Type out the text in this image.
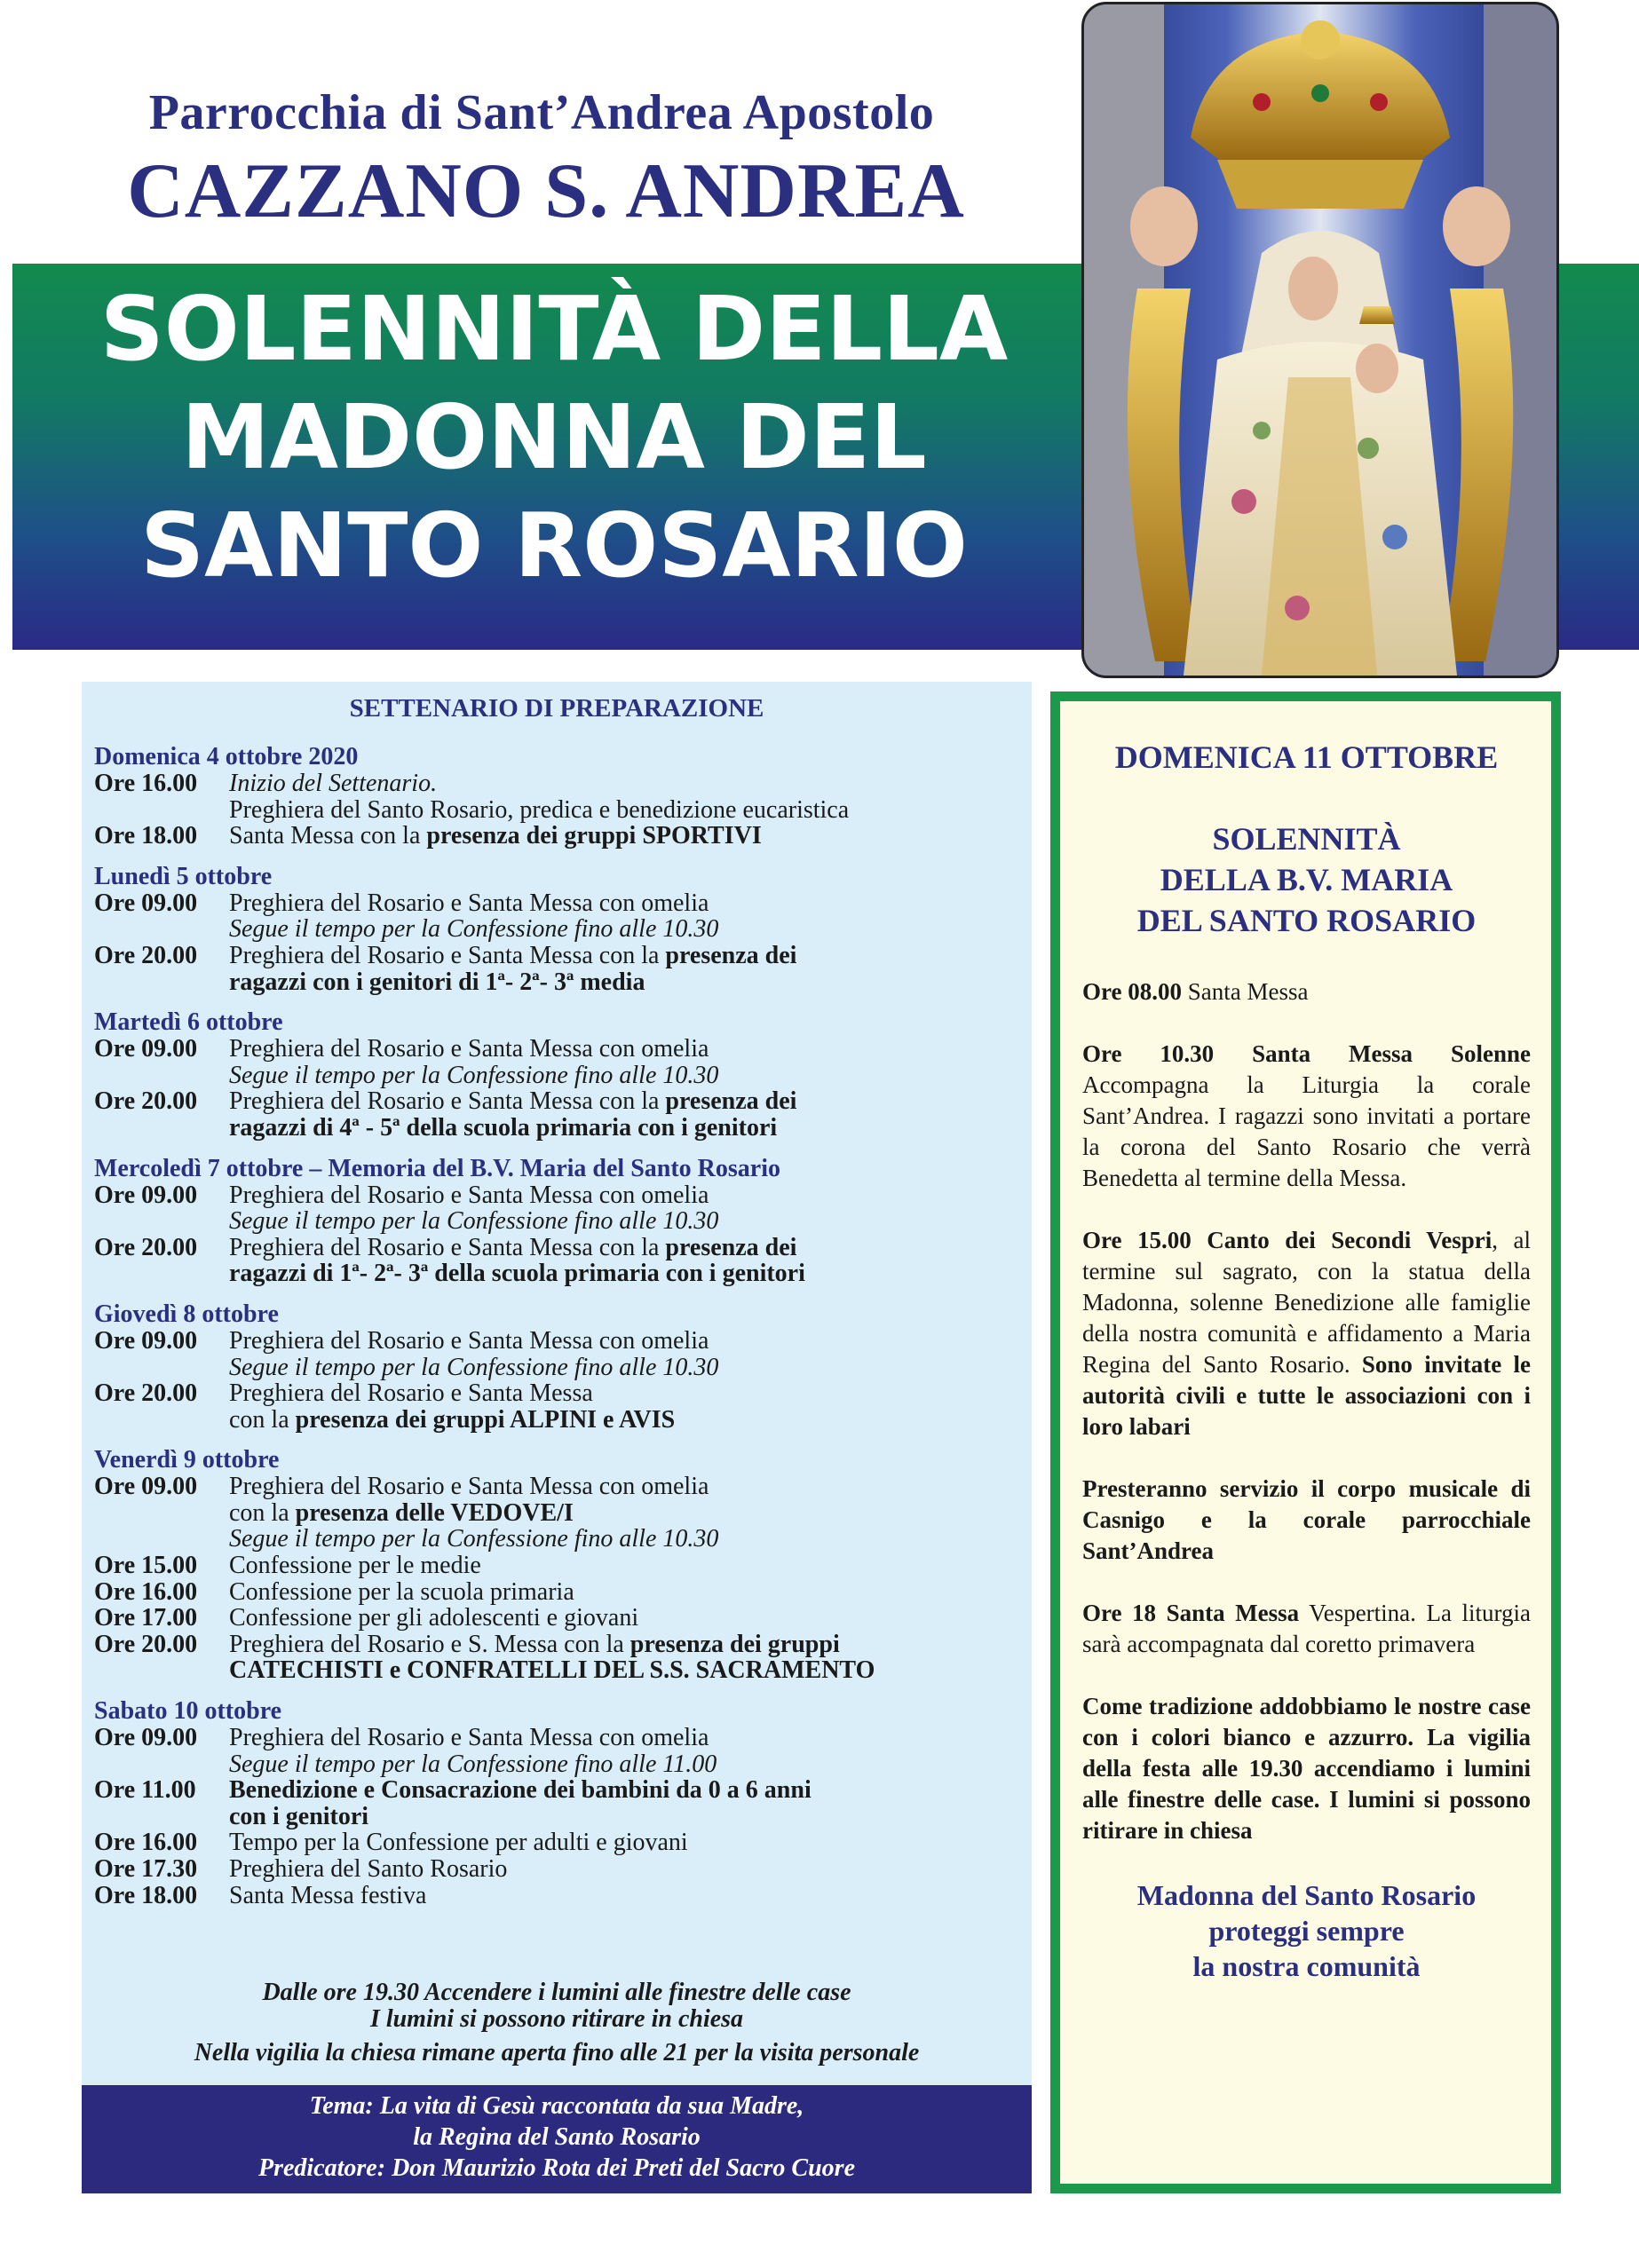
Parrocchia di Sant’Andrea Apostolo
CAZZANO S. ANDREA
SOLENNITÀ DELLA
MADONNA DEL
SANTO ROSARIO
SETTENARIO DI PREPARAZIONE
Domenica 4 ottobre 2020
Ore 16.00	Inizio del Settenario.
Preghiera del Santo Rosario, predica e benedizione eucaristica
Ore 18.00	Santa Messa con la presenza dei gruppi SPORTIVI
Lunedì 5 ottobre
Ore 09.00	Preghiera del Rosario e Santa Messa con omelia
Segue il tempo per la Confessione fino alle 10.30
Ore 20.00	Preghiera del Rosario e Santa Messa con la presenza dei
ragazzi con i genitori di 1ª- 2ª- 3ª media
Martedì 6 ottobre
Ore 09.00	Preghiera del Rosario e Santa Messa con omelia
Segue il tempo per la Confessione fino alle 10.30
Ore 20.00	Preghiera del Rosario e Santa Messa con la presenza dei
ragazzi di 4ª - 5ª della scuola primaria con i genitori
Mercoledì 7 ottobre – Memoria del B.V. Maria del Santo Rosario
Ore 09.00	Preghiera del Rosario e Santa Messa con omelia
Segue il tempo per la Confessione fino alle 10.30
Ore 20.00	Preghiera del Rosario e Santa Messa con la presenza dei
ragazzi di 1ª- 2ª- 3ª della scuola primaria con i genitori
Giovedì 8 ottobre
Ore 09.00	Preghiera del Rosario e Santa Messa con omelia
Segue il tempo per la Confessione fino alle 10.30
Ore 20.00	Preghiera del Rosario e Santa Messa
con la presenza dei gruppi ALPINI e AVIS
Venerdì 9 ottobre
Ore 09.00	Preghiera del Rosario e Santa Messa con omelia
con la presenza delle VEDOVE/I
Segue il tempo per la Confessione fino alle 10.30
Ore 15.00	Confessione per le medie
Ore 16.00	Confessione per la scuola primaria
Ore 17.00	Confessione per gli adolescenti e giovani
Ore 20.00	Preghiera del Rosario e S. Messa con la presenza dei gruppi
CATECHISTI e CONFRATELLI DEL S.S. SACRAMENTO
Sabato 10 ottobre
Ore 09.00	Preghiera del Rosario e Santa Messa con omelia
Segue il tempo per la Confessione fino alle 11.00
Ore 11.00	Benedizione e Consacrazione dei bambini da 0 a 6 anni
con i genitori
Ore 16.00	Tempo per la Confessione per adulti e giovani
Ore 17.30	Preghiera del Santo Rosario
Ore 18.00	Santa Messa festiva
Dalle ore 19.30 Accendere i lumini alle finestre delle case
I lumini si possono ritirare in chiesa
Nella vigilia la chiesa rimane aperta fino alle 21 per la visita personale
Tema: La vita di Gesù raccontata da sua Madre,
la Regina del Santo Rosario
Predicatore: Don Maurizio Rota dei Preti del Sacro Cuore
DOMENICA 11 OTTOBRE
SOLENNITÀ
DELLA B.V. MARIA
DEL SANTO ROSARIO

Ore 08.00 Santa Messa

Ore 10.30 Santa Messa Solenne Accompagna la Liturgia la corale Sant’Andrea. I ragazzi sono invitati a portare la corona del Santo Rosario che verrà Benedetta al termine della Messa.

Ore 15.00 Canto dei Secondi Vespri, al termine sul sagrato, con la statua della Madonna, solenne Benedizione alle famiglie della nostra comunità e affidamento a Maria Regina del Santo Rosario. Sono invitate le autorità civili e tutte le associazioni con i loro labari

Presteranno servizio il corpo musicale di Casnigo e la corale parrocchiale Sant’Andrea

Ore 18 Santa Messa Vespertina. La liturgia sarà accompagnata dal coretto primavera

Come tradizione addobbiamo le nostre case con i colori bianco e azzurro. La vigilia della festa alle 19.30 accendiamo i lumini alle finestre delle case. I lumini si possono ritirare in chiesa

Madonna del Santo Rosario
proteggi sempre
la nostra comunità
